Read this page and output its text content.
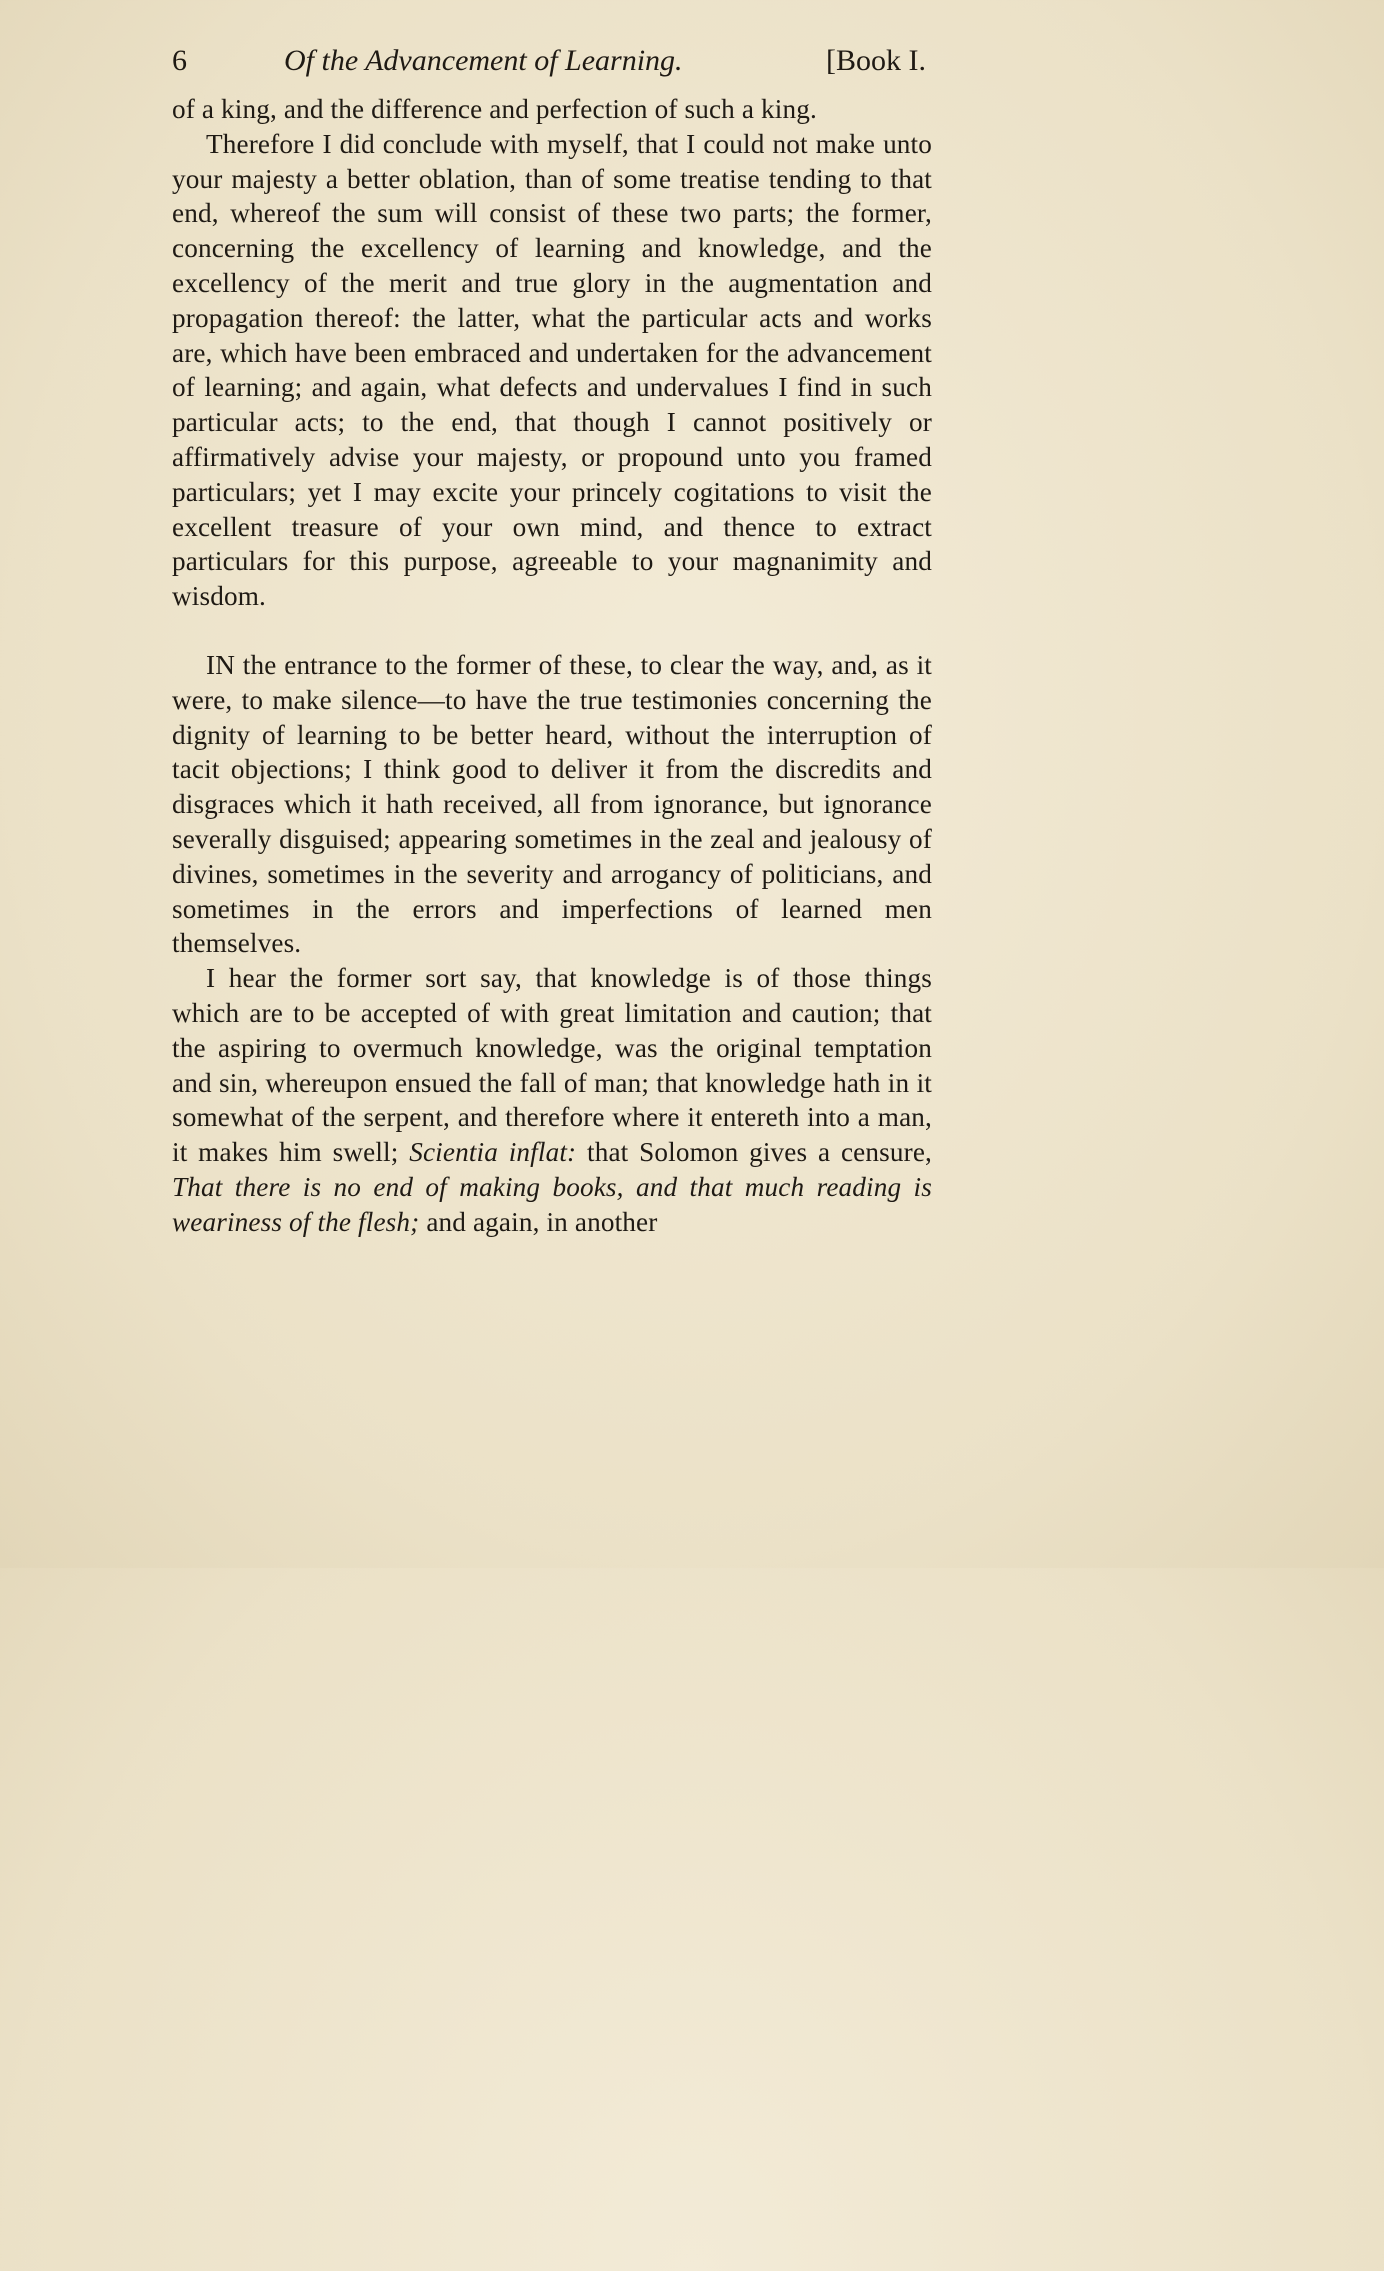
6	Of the Advancement of Learning.	[Book I.

of a king, and the difference and perfection of such a king.

Therefore I did conclude with myself, that I could not make unto your majesty a better oblation, than of some treatise tending to that end, whereof the sum will consist of these two parts; the former, concerning the excellency of learning and knowledge, and the excellency of the merit and true glory in the augmentation and propagation thereof: the latter, what the particular acts and works are, which have been embraced and undertaken for the advancement of learning; and again, what defects and undervalues I find in such particular acts; to the end, that though I cannot positively or affirmatively advise your majesty, or propound unto you framed particulars; yet I may excite your princely cogitations to visit the excellent treasure of your own mind, and thence to extract particulars for this purpose, agreeable to your magnanimity and wisdom.

IN the entrance to the former of these, to clear the way, and, as it were, to make silence—to have the true testimonies concerning the dignity of learning to be better heard, without the interruption of tacit objections; I think good to deliver it from the discredits and disgraces which it hath received, all from ignorance, but ignorance severally disguised; appearing sometimes in the zeal and jealousy of divines, sometimes in the severity and arrogancy of politicians, and sometimes in the errors and imperfections of learned men themselves.

I hear the former sort say, that knowledge is of those things which are to be accepted of with great limitation and caution; that the aspiring to overmuch knowledge, was the original temptation and sin, whereupon ensued the fall of man; that knowledge hath in it somewhat of the serpent, and therefore where it entereth into a man, it makes him swell; Scientia inflat: that Solomon gives a censure, That there is no end of making books, and that much reading is weariness of the flesh; and again, in another
